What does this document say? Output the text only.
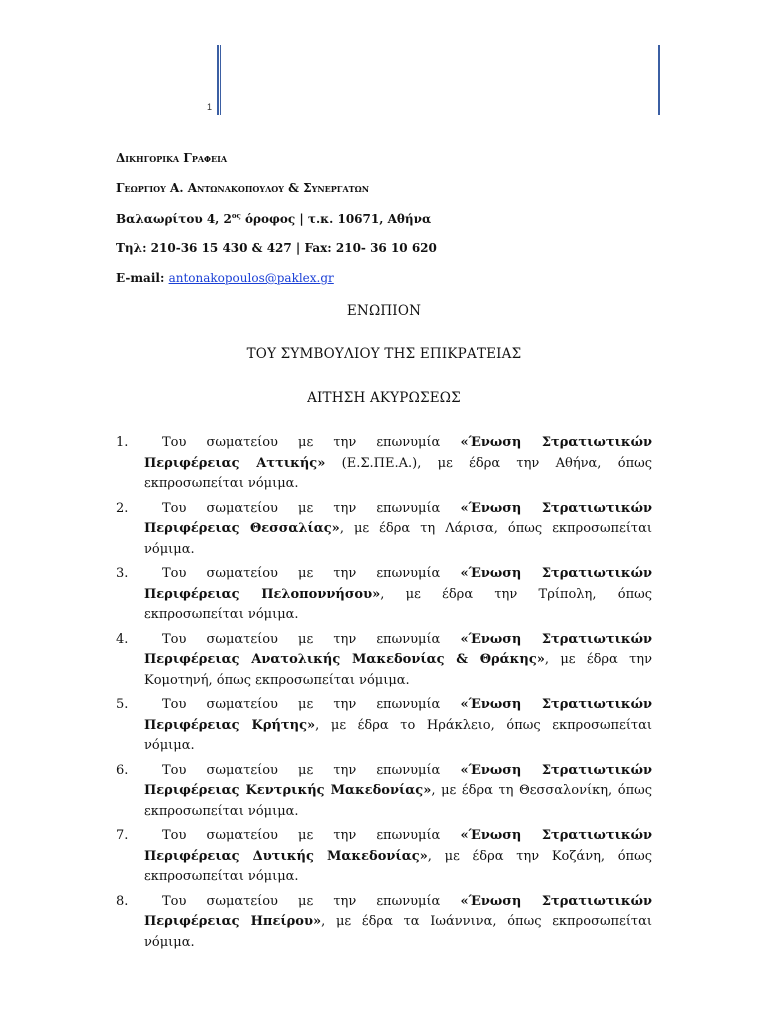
1
Δικηγορικα Γραφεια
Γεωργιου Α. Αντωνακοπουλου & Συνεργατων
Βαλαωρίτου 4, $2^{o\varsigma}$ όροφος | τ.κ. 10671, Αθήνα
Τηλ: 210-36 15 430 & 427 | Fax: 210- 36 10 620
E-mail: antonakopoulos@paklex.gr
ΕΝΩΠΙΟΝ
ΤΟΥ ΣΥΜΒΟΥΛΙΟΥ ΤΗΣ ΕΠΙΚΡΑΤΕΙΑΣ
ΑΙΤΗΣΗ ΑΚΥΡΩΣΕΩΣ
1.	Του σωματείου με την επωνυμία «Ένωση Στρατιωτικών Περιφέρειας Αττικής» (Ε.Σ.ΠΕ.Α.), με έδρα την Αθήνα, όπως εκπροσωπείται νόμιμα.
2.	Του σωματείου με την επωνυμία «Ένωση Στρατιωτικών Περιφέρειας Θεσσαλίας», με έδρα τη Λάρισα, όπως εκπροσωπείται νόμιμα.
3.	Του σωματείου με την επωνυμία «Ένωση Στρατιωτικών Περιφέρειας Πελοποννήσου», με έδρα την Τρίπολη, όπως εκπροσωπείται νόμιμα.
4.	Του σωματείου με την επωνυμία «Ένωση Στρατιωτικών Περιφέρειας Ανατολικής Μακεδονίας & Θράκης», με έδρα την Κομοτηνή, όπως εκπροσωπείται νόμιμα.
5.	Του σωματείου με την επωνυμία «Ένωση Στρατιωτικών Περιφέρειας Κρήτης», με έδρα το Ηράκλειο, όπως εκπροσωπείται νόμιμα.
6.	Του σωματείου με την επωνυμία «Ένωση Στρατιωτικών Περιφέρειας Κεντρικής Μακεδονίας», με έδρα τη Θεσσαλονίκη, όπως εκπροσωπείται νόμιμα.
7.	Του σωματείου με την επωνυμία «Ένωση Στρατιωτικών Περιφέρειας Δυτικής Μακεδονίας», με έδρα την Κοζάνη, όπως εκπροσωπείται νόμιμα.
8.	Του σωματείου με την επωνυμία «Ένωση Στρατιωτικών Περιφέρειας Ηπείρου», με έδρα τα Ιωάννινα, όπως εκπροσωπείται νόμιμα.
